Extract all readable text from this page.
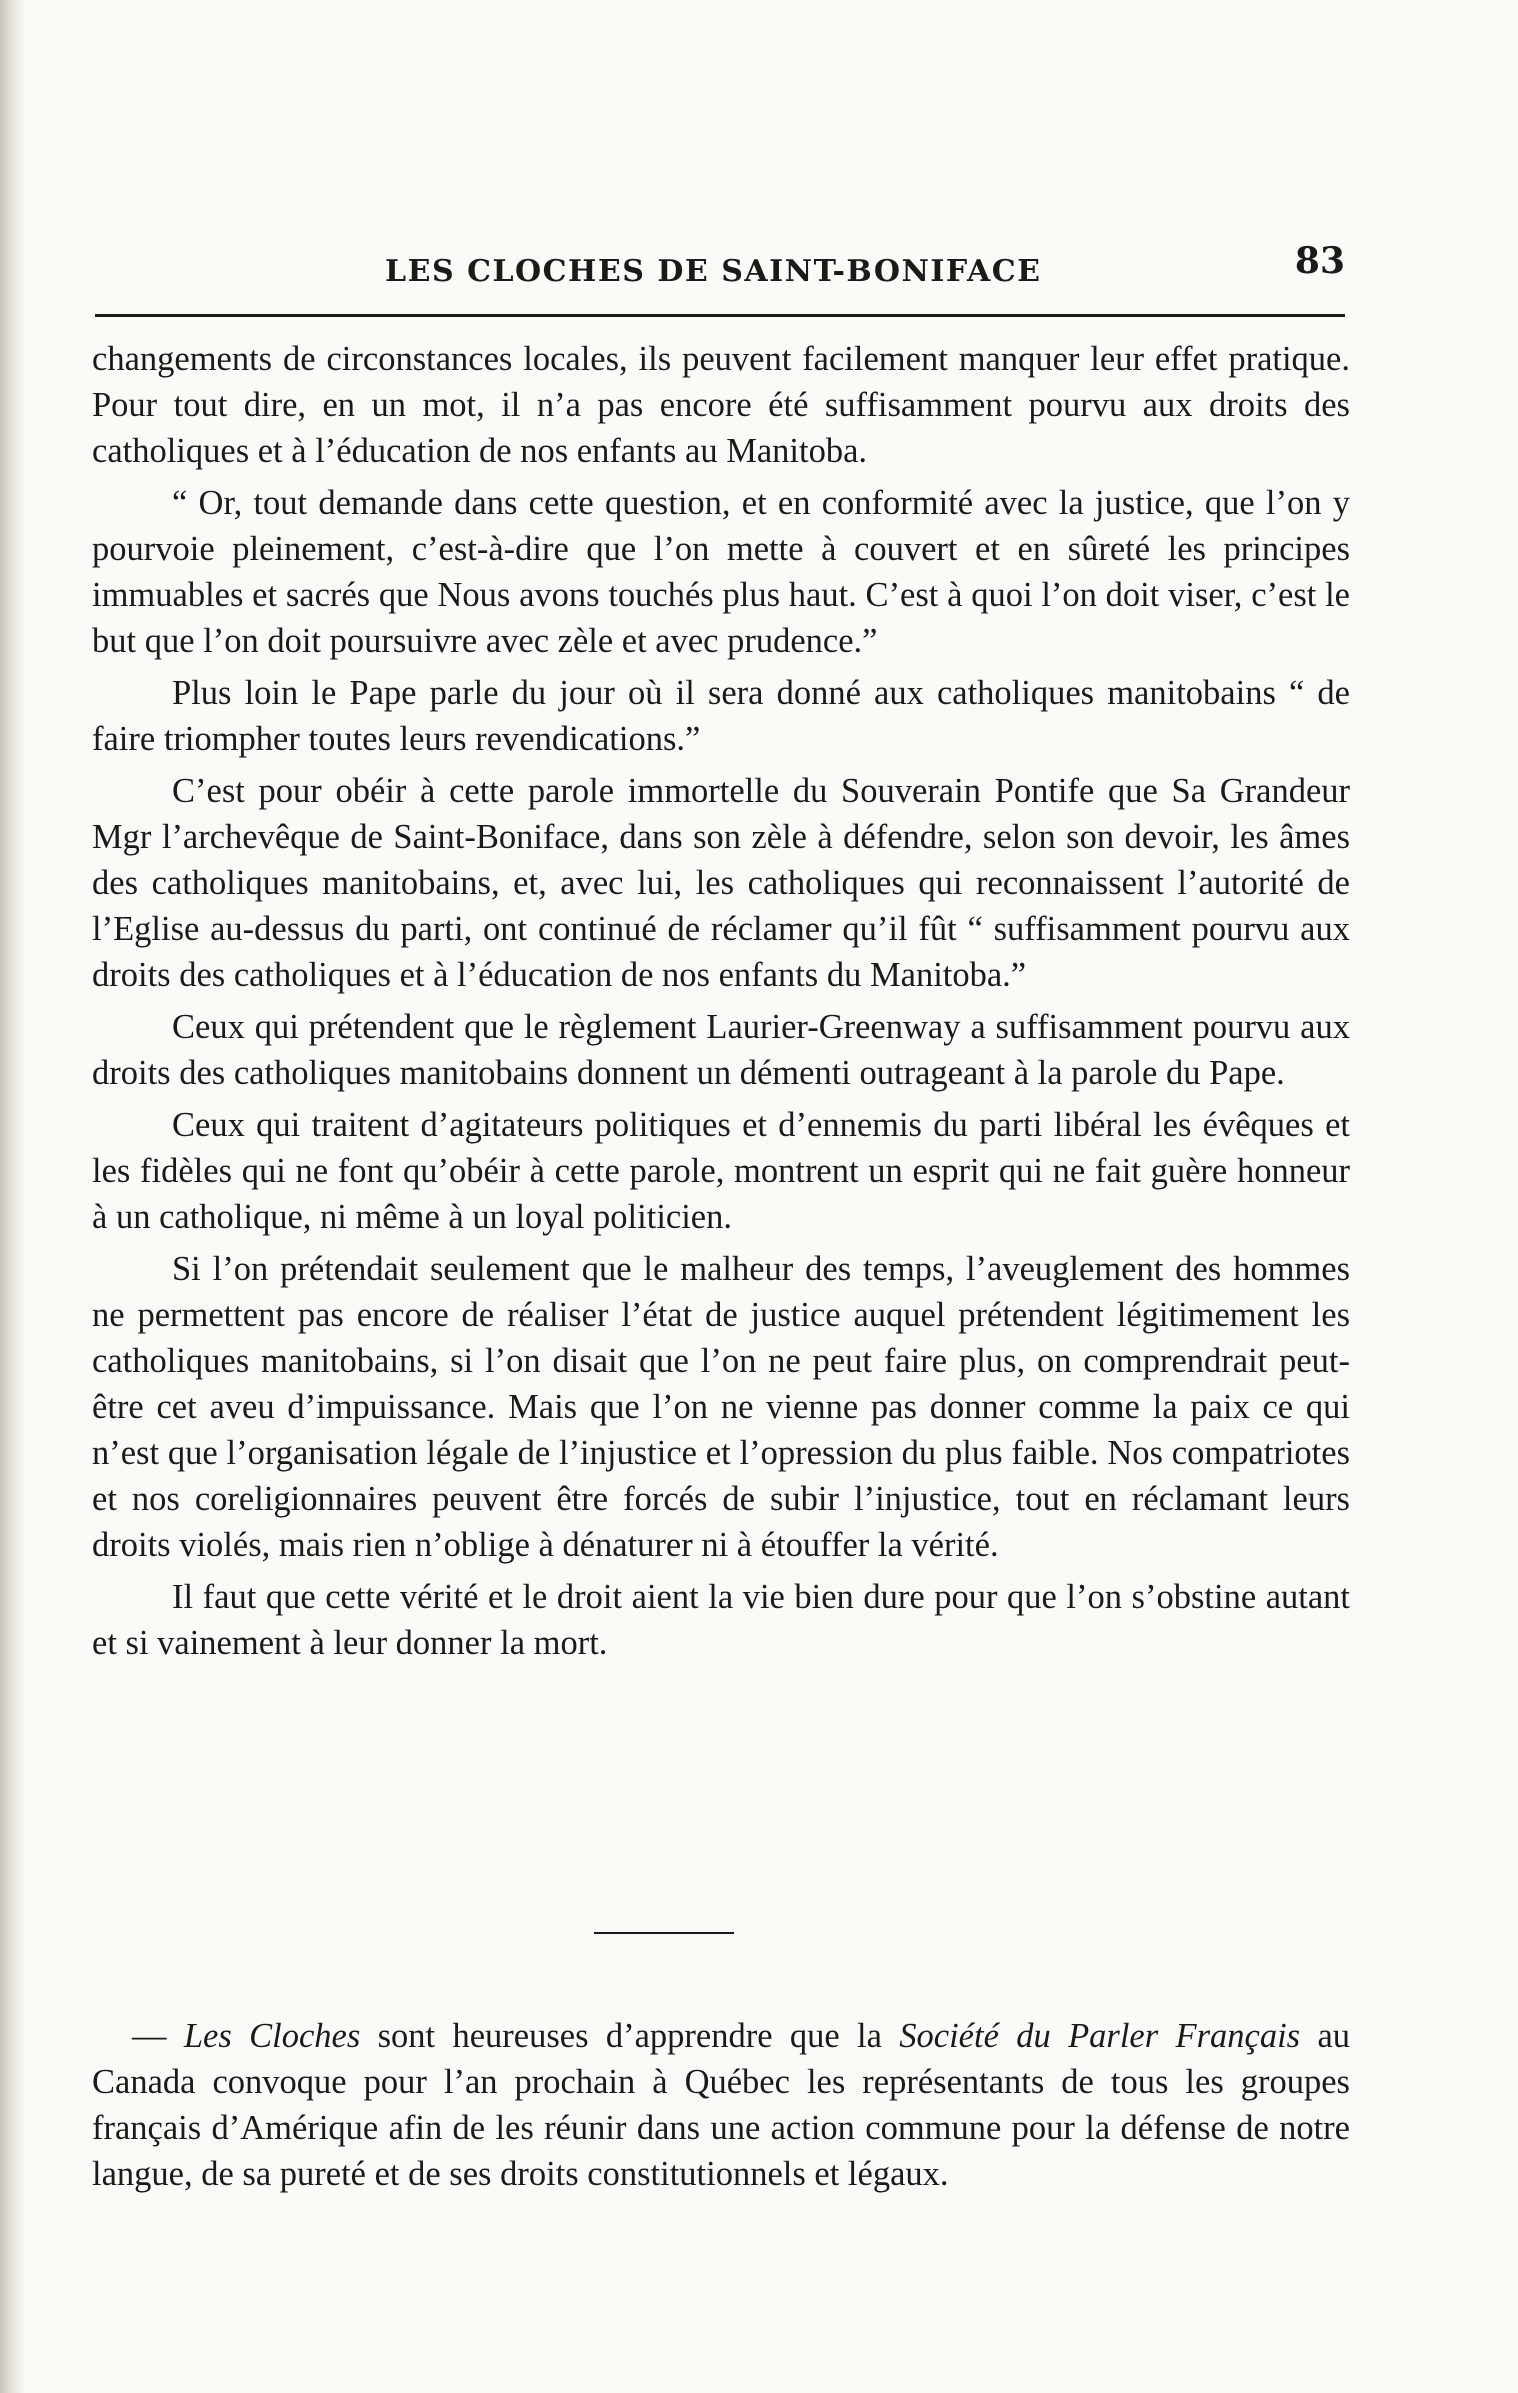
LES CLOCHES DE SAINT-BONIFACE	83

changements de circonstances locales, ils peuvent facilement manquer leur effet pratique. Pour tout dire, en un mot, il n’a pas encore été suffisamment pourvu aux droits des catholiques et à l’éducation de nos enfants au Manitoba.

“ Or, tout demande dans cette question, et en conformité avec la justice, que l’on y pourvoie pleinement, c’est-à-dire que l’on mette à couvert et en sûreté les principes immuables et sacrés que Nous avons touchés plus haut. C’est à quoi l’on doit viser, c’est le but que l’on doit poursuivre avec zèle et avec prudence.”

Plus loin le Pape parle du jour où il sera donné aux catholiques manitobains “ de faire triompher toutes leurs revendications.”

C’est pour obéir à cette parole immortelle du Souverain Pontife que Sa Grandeur Mgr l’archevêque de Saint-Boniface, dans son zèle à défendre, selon son devoir, les âmes des catholiques manitobains, et, avec lui, les catholiques qui reconnaissent l’autorité de l’Eglise au-dessus du parti, ont continué de réclamer qu’il fût “ suffisamment pourvu aux droits des catholiques et à l’éducation de nos enfants du Manitoba.”

Ceux qui prétendent que le règlement Laurier-Greenway a suffisamment pourvu aux droits des catholiques manitobains donnent un démenti outrageant à la parole du Pape.

Ceux qui traitent d’agitateurs politiques et d’ennemis du parti libéral les évêques et les fidèles qui ne font qu’obéir à cette parole, montrent un esprit qui ne fait guère honneur à un catholique, ni même à un loyal politicien.

Si l’on prétendait seulement que le malheur des temps, l’aveuglement des hommes ne permettent pas encore de réaliser l’état de justice auquel prétendent légitimement les catholiques manitobains, si l’on disait que l’on ne peut faire plus, on comprendrait peut-être cet aveu d’impuissance. Mais que l’on ne vienne pas donner comme la paix ce qui n’est que l’organisation légale de l’injustice et l’opression du plus faible. Nos compatriotes et nos coreligionnaires peuvent être forcés de subir l’injustice, tout en réclamant leurs droits violés, mais rien n’oblige à dénaturer ni à étouffer la vérité.

Il faut que cette vérité et le droit aient la vie bien dure pour que l’on s’obstine autant et si vainement à leur donner la mort.

— Les Cloches sont heureuses d’apprendre que la Société du Parler Français au Canada convoque pour l’an prochain à Québec les représentants de tous les groupes français d’Amérique afin de les réunir dans une action commune pour la défense de notre langue, de sa pureté et de ses droits constitutionnels et légaux.
